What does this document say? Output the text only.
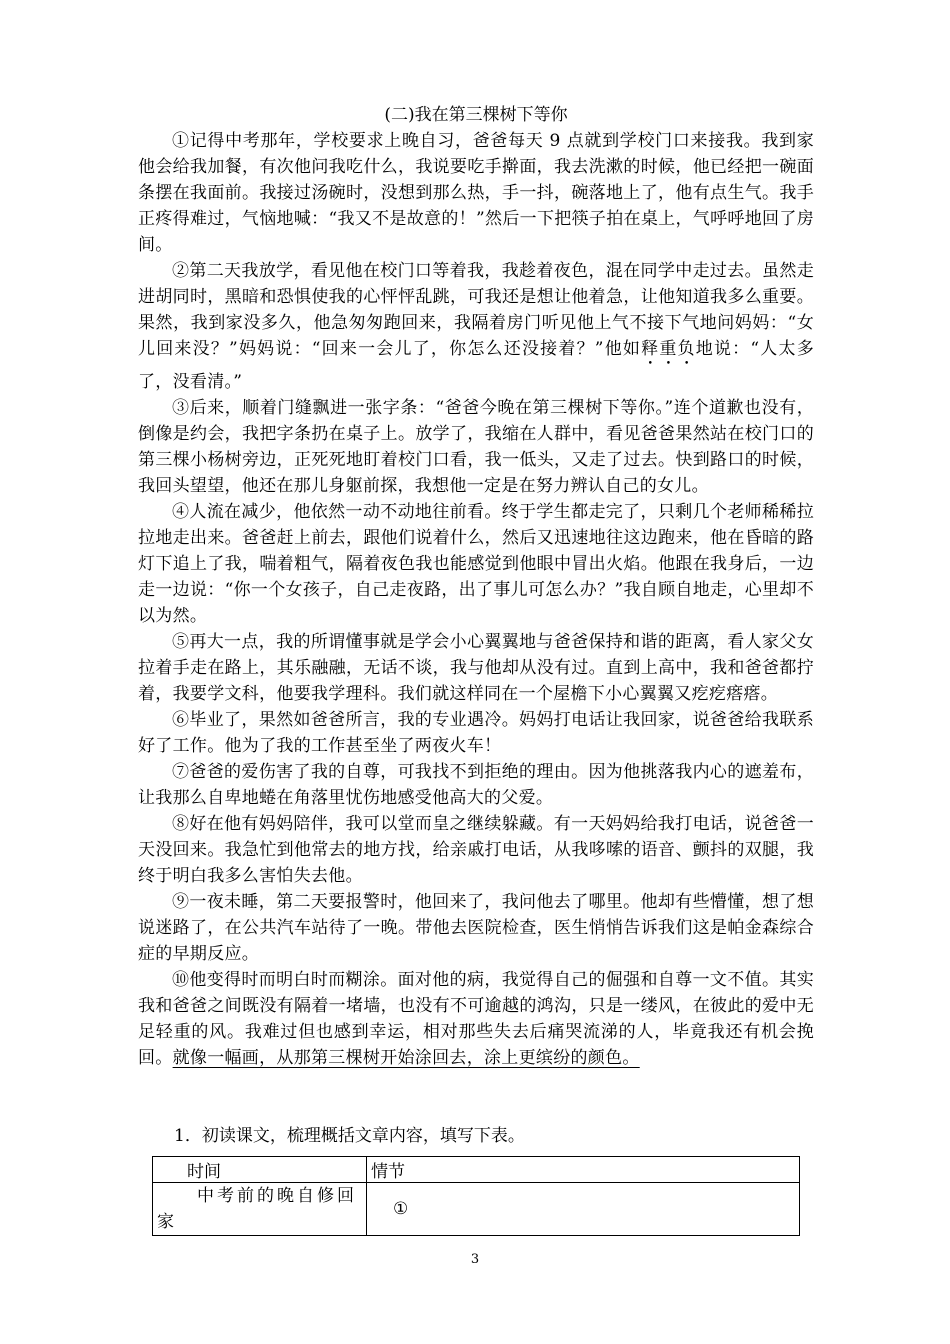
(二)我在第三棵树下等你

①记得中考那年，学校要求上晚自习，爸爸每天 9 点就到学校门口来接我。我到家他会给我加餐，有次他问我吃什么，我说要吃手擀面，我去洗漱的时候，他已经把一碗面条摆在我面前。我接过汤碗时，没想到那么热，手一抖，碗落地上了，他有点生气。我手正疼得难过，气恼地喊：“我又不是故意的！”然后一下把筷子拍在桌上，气呼呼地回了房间。

②第二天我放学，看见他在校门口等着我，我趁着夜色，混在同学中走过去。虽然走进胡同时，黑暗和恐惧使我的心怦怦乱跳，可我还是想让他着急，让他知道我多么重要。果然，我到家没多久，他急匆匆跑回来，我隔着房门听见他上气不接下气地问妈妈：“女儿回来没？”妈妈说：“回来一会儿了，你怎么还没接着？”他如释重负地说：“人太多了，没看清。”

③后来，顺着门缝飘进一张字条：“爸爸今晚在第三棵树下等你。”连个道歉也没有，倒像是约会，我把字条扔在桌子上。放学了，我缩在人群中，看见爸爸果然站在校门口的第三棵小杨树旁边，正死死地盯着校门口看，我一低头，又走了过去。快到路口的时候，我回头望望，他还在那儿身躯前探，我想他一定是在努力辨认自己的女儿。

④人流在减少，他依然一动不动地往前看。终于学生都走完了，只剩几个老师稀稀拉拉地走出来。爸爸赶上前去，跟他们说着什么，然后又迅速地往这边跑来，他在昏暗的路灯下追上了我，喘着粗气，隔着夜色我也能感觉到他眼中冒出火焰。他跟在我身后，一边走一边说：“你一个女孩子，自己走夜路，出了事儿可怎么办？”我自顾自地走，心里却不以为然。

⑤再大一点，我的所谓懂事就是学会小心翼翼地与爸爸保持和谐的距离，看人家父女拉着手走在路上，其乐融融，无话不谈，我与他却从没有过。直到上高中，我和爸爸都拧着，我要学文科，他要我学理科。我们就这样同在一个屋檐下小心翼翼又疙疙瘩瘩。

⑥毕业了，果然如爸爸所言，我的专业遇冷。妈妈打电话让我回家，说爸爸给我联系好了工作。他为了我的工作甚至坐了两夜火车！

⑦爸爸的爱伤害了我的自尊，可我找不到拒绝的理由。因为他挑落我内心的遮羞布，让我那么自卑地蜷在角落里忧伤地感受他高大的父爱。

⑧好在他有妈妈陪伴，我可以堂而皇之继续躲藏。有一天妈妈给我打电话，说爸爸一天没回来。我急忙到他常去的地方找，给亲戚打电话，从我哆嗦的语音、颤抖的双腿，我终于明白我多么害怕失去他。

⑨一夜未睡，第二天要报警时，他回来了，我问他去了哪里。他却有些懵懂，想了想说迷路了，在公共汽车站待了一晚。带他去医院检查，医生悄悄告诉我们这是帕金森综合症的早期反应。

⑩他变得时而明白时而糊涂。面对他的病，我觉得自己的倔强和自尊一文不值。其实我和爸爸之间既没有隔着一堵墙，也没有不可逾越的鸿沟，只是一缕风，在彼此的爱中无足轻重的风。我难过但也感到幸运，相对那些失去后痛哭流涕的人，毕竟我还有机会挽回。就像一幅画，从那第三棵树开始涂回去，涂上更缤纷的颜色。

1．初读课文，梳理概括文章内容，填写下表。

时间	情节
中考前的晚自修回家	①
3
